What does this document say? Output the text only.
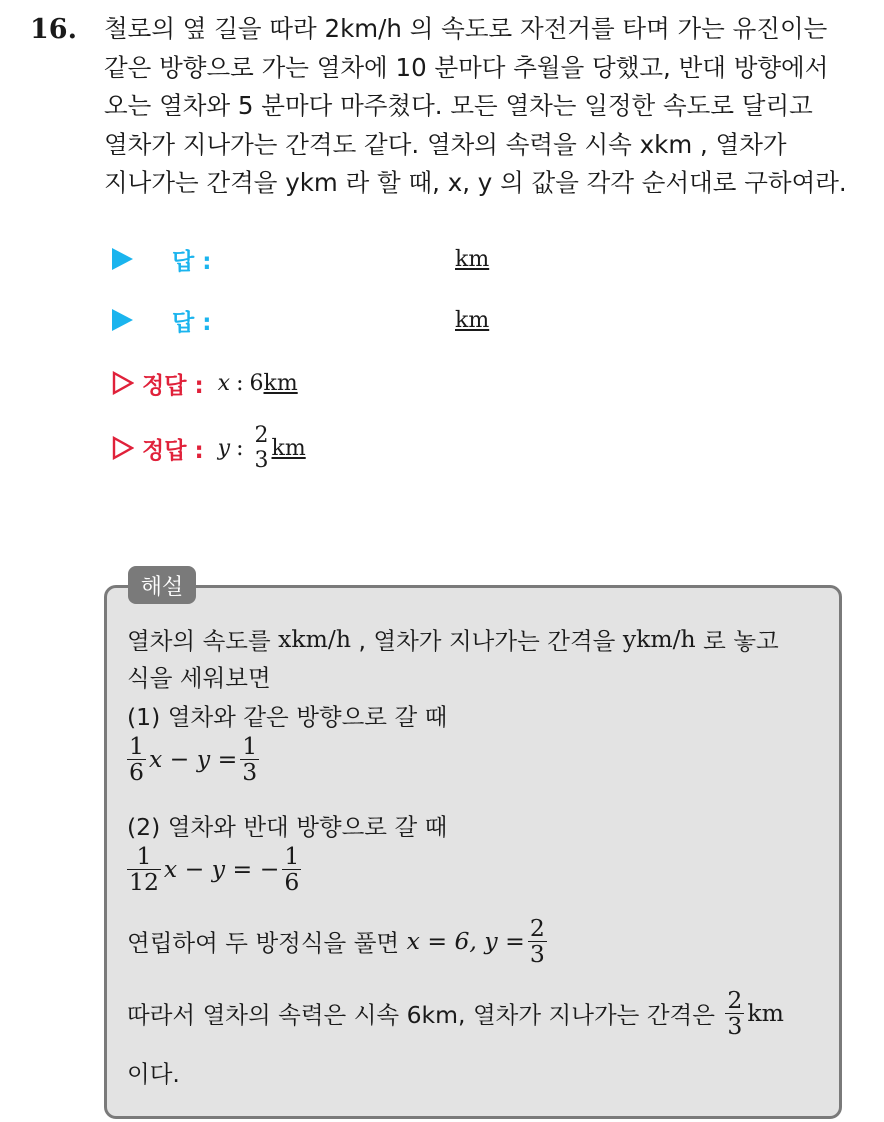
16. 철로의 옆 길을 따라 2km/h 의 속도로 자전거를 타며 가는 유진이는
같은 방향으로 가는 열차에 10 분마다 추월을 당했고, 반대 방향에서
오는 열차와 5 분마다 마주쳤다. 모든 열차는 일정한 속도로 달리고
열차가 지나가는 간격도 같다. 열차의 속력을 시속 xkm , 열차가
지나가는 간격을 ykm 라 할 때, x, y 의 값을 각각 순서대로 구하여라.
답 :	km
답 :	km
정답 : x : 6 km
정답 : y : 2
3 km
해설
열차의 속도를 xkm/h , 열차가 지나가는 간격을 ykm/h 로 놓고
식을 세워보면
(1) 열차와 같은 방향으로 갈 때
$\frac{1}{6}$ $x - y = \frac{1}{3}$
(2) 열차와 반대 방향으로 갈 때
$\frac{1}{12}$ x − y = − $\frac{1}{6}$
연립하여 두 방정식을 풀면 x = 6, $y = \frac{2}{3}$
따라서 열차의 속력은 시속 6km, 열차가 지나가는 간격은 $\frac{2}{3}$ km
이다.
